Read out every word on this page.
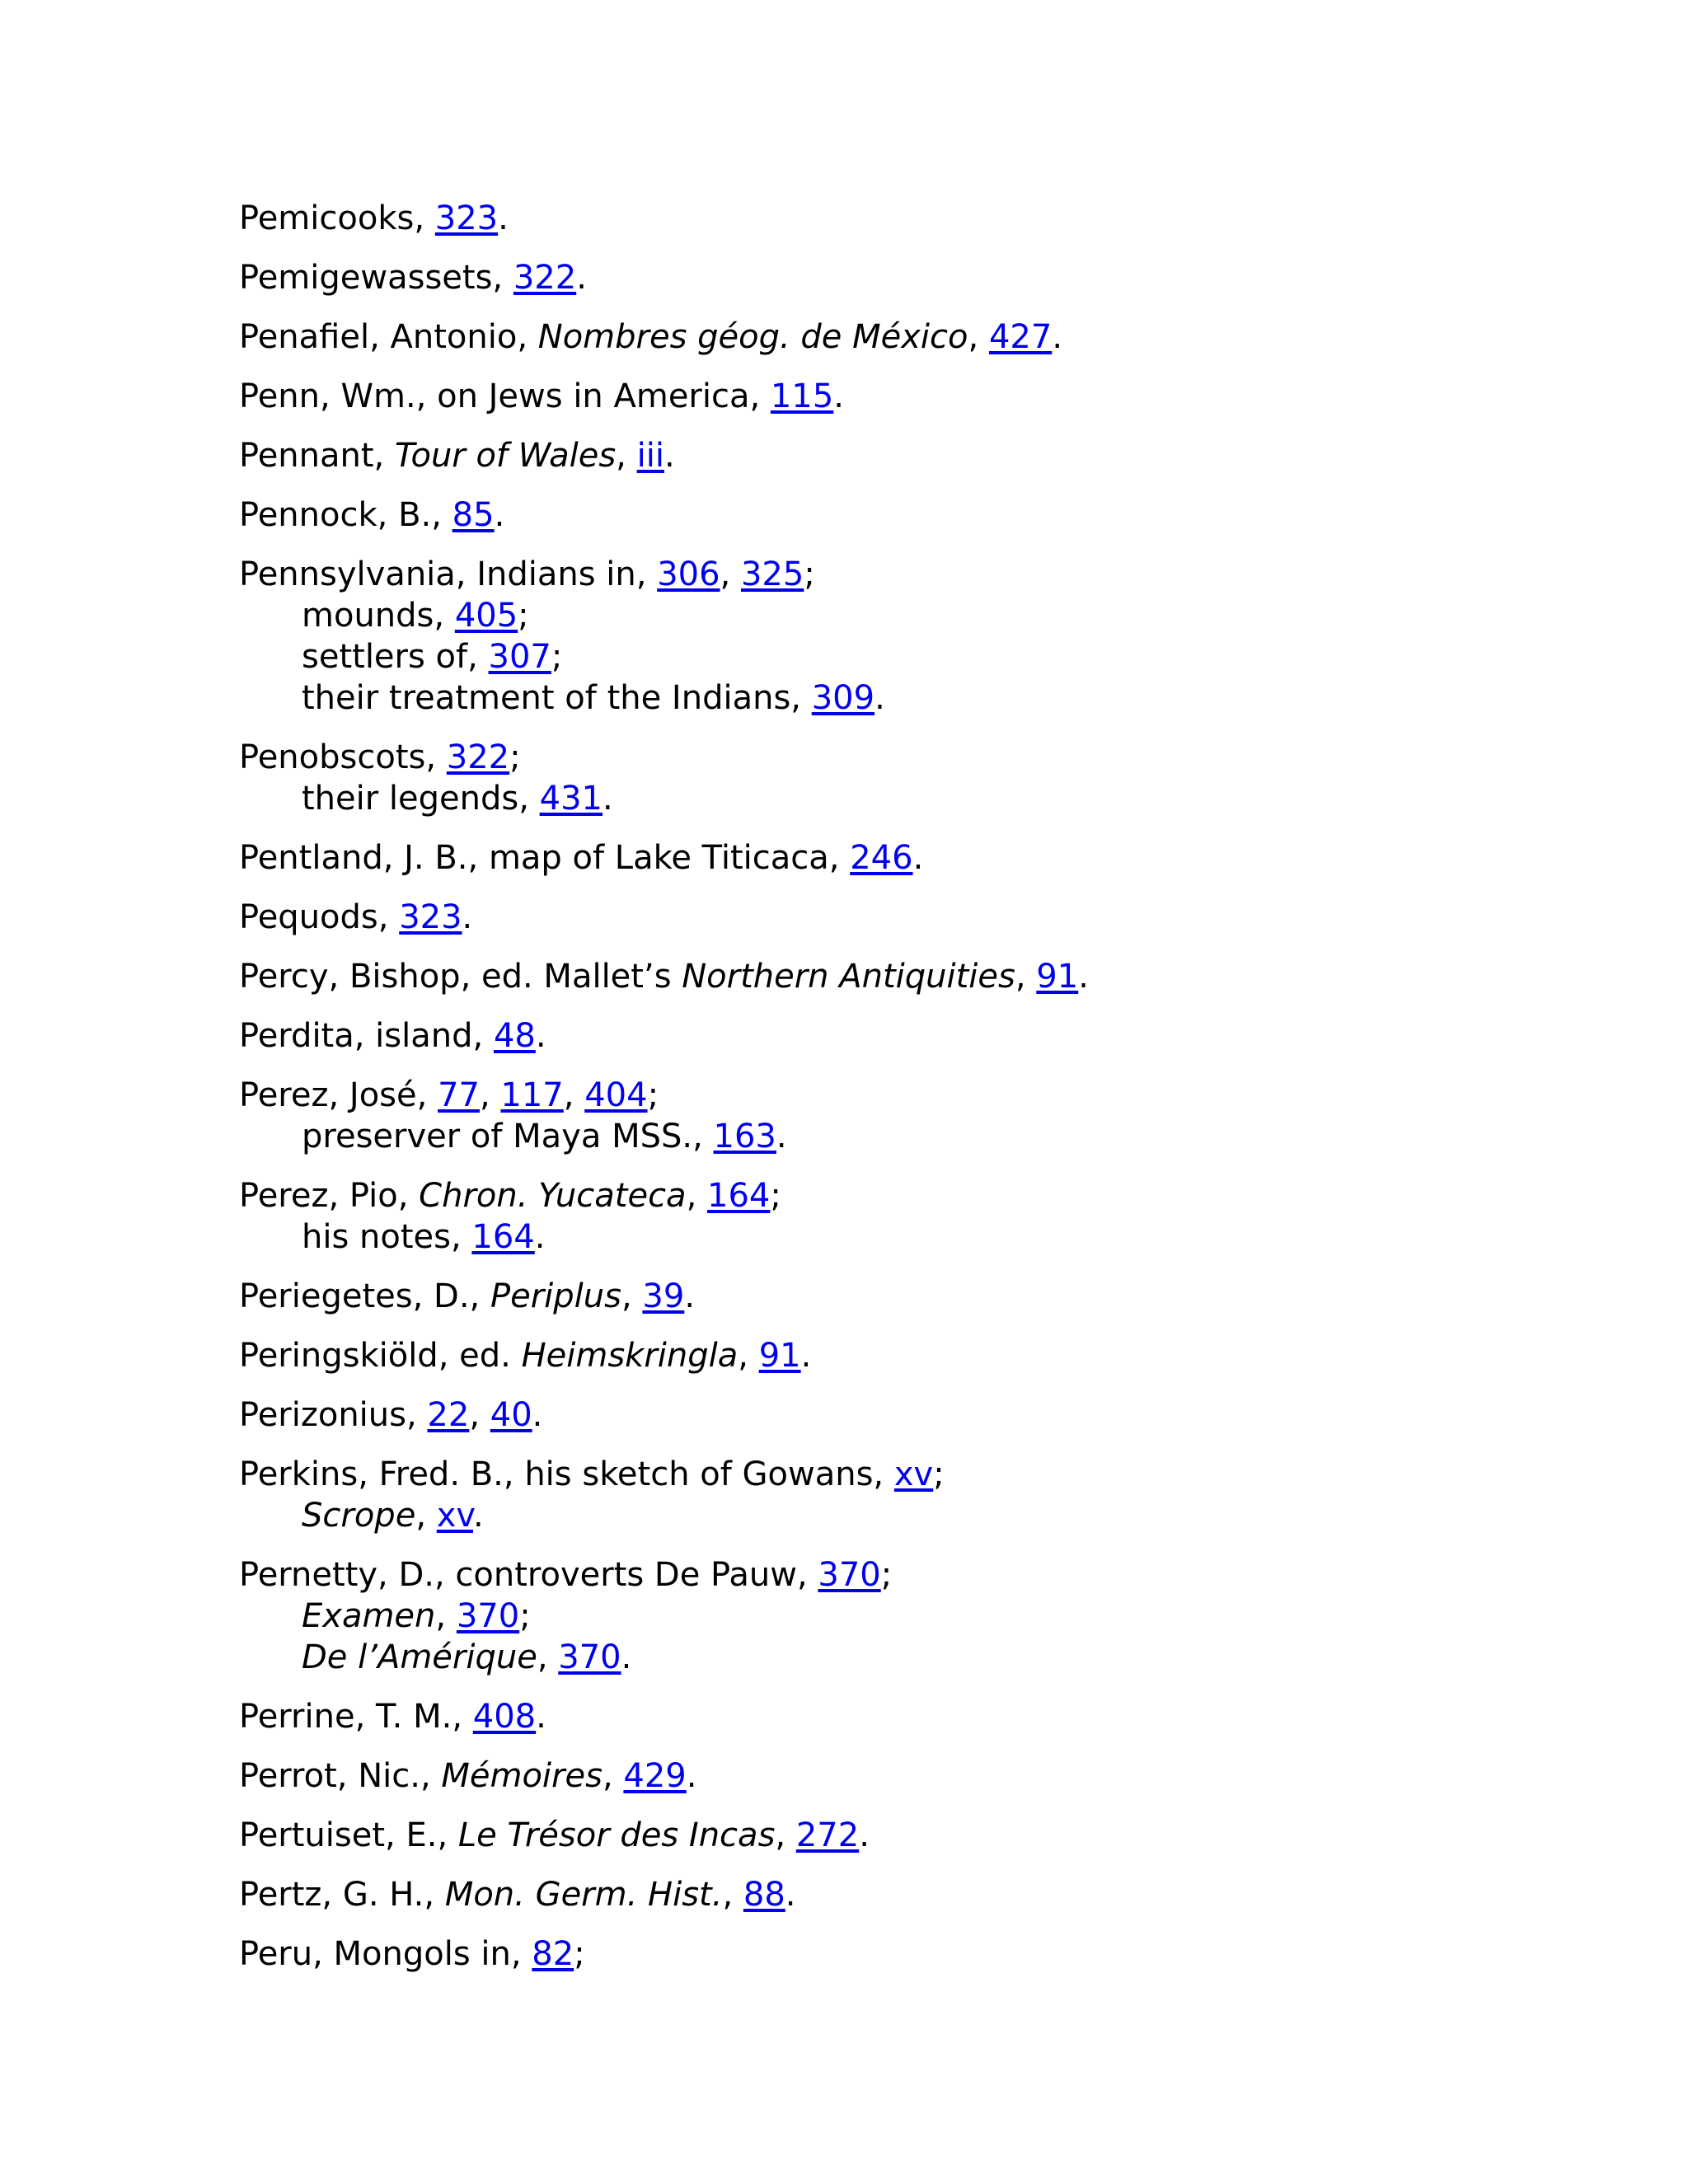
Pemicooks, 323.

Pemigewassets, 322.

Penafiel, Antonio, Nombres géog. de México, 427.

Penn, Wm., on Jews in America, 115.

Pennant, Tour of Wales, iii.

Pennock, B., 85.

Pennsylvania, Indians in, 306, 325;
mounds, 405;
settlers of, 307;
their treatment of the Indians, 309.

Penobscots, 322;
their legends, 431.

Pentland, J. B., map of Lake Titicaca, 246.

Pequods, 323.

Percy, Bishop, ed. Mallet’s Northern Antiquities, 91.

Perdita, island, 48.

Perez, José, 77, 117, 404;
preserver of Maya MSS., 163.

Perez, Pio, Chron. Yucateca, 164;
his notes, 164.

Periegetes, D., Periplus, 39.

Peringskiöld, ed. Heimskringla, 91.

Perizonius, 22, 40.

Perkins, Fred. B., his sketch of Gowans, xv;
Scrope, xv.

Pernetty, D., controverts De Pauw, 370;
Examen, 370;
De l’Amérique, 370.

Perrine, T. M., 408.

Perrot, Nic., Mémoires, 429.

Pertuiset, E., Le Trésor des Incas, 272.

Pertz, G. H., Mon. Germ. Hist., 88.

Peru, Mongols in, 82;
